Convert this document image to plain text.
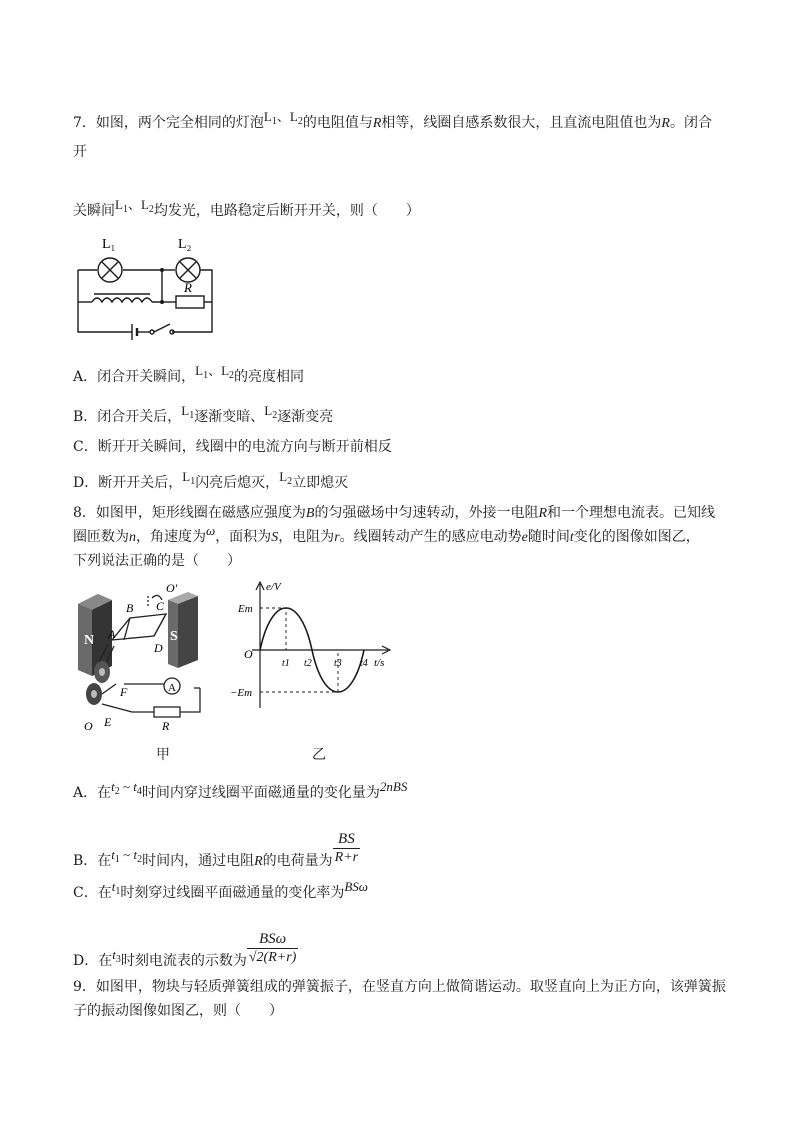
7．如图，两个完全相同的灯泡$L_1$、$L_2$的电阻值与R相等，线圈自感系数很大，且直流电阻值也为R。闭合
开
关瞬间$L_1$、$L_2$均发光，电路稳定后断开开关，则（　　）
L₁	L₂
R
A．闭合开关瞬间，$L_1$、$L_2$的亮度相同
B．闭合开关后，$L_1$逐渐变暗、$L_2$逐渐变亮
C．断开开关瞬间，线圈中的电流方向与断开前相反
D．断开开关后，$L_1$闪亮后熄灭，$L_2$立即熄灭
8．如图甲，矩形线圈在磁感应强度为B的匀强磁场中匀速转动，外接一电阻R和一个理想电流表。已知线
圈匝数为n，角速度为ω，面积为S，电阻为r。线圈转动产生的感应电动势e随时间t变化的图像如图乙，
下列说法正确的是（　　）
N	S
A
O'
B C
A
D
F
E
O	R
e/V
t/s
Em
−Em
O
t1 t2 t3 t4
甲	乙
A．在$t_2$ ~ $t_4$时间内穿过线圈平面磁通量的变化量为2nBS
B．在$t_1$ ~ $t_2$时间内，通过电阻R的电荷量为 $\frac{BS}{R+r}$
C．在$t_1$时刻穿过线圈平面磁通量的变化率为BSω
D．在$t_3$时刻电流表的示数为 $\frac{\text{BSω}}{√2(R+r)}$
9．如图甲，物块与轻质弹簧组成的弹簧振子，在竖直方向上做简谐运动。取竖直向上为正方向，该弹簧振
子的振动图像如图乙，则（　　）
